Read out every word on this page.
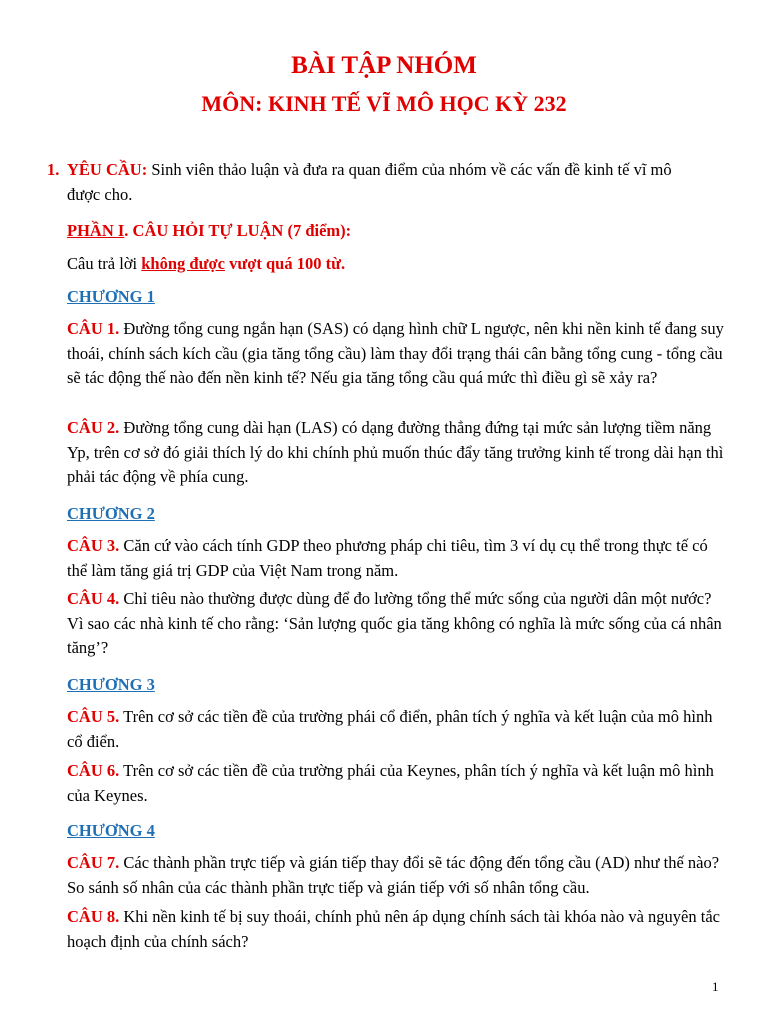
BÀI TẬP NHÓM
MÔN: KINH TẾ VĨ MÔ HỌC KỲ 232
1. YÊU CẦU: Sinh viên thảo luận và đưa ra quan điểm của nhóm về các vấn đề kinh tế vĩ mô
được cho.
PHẦN I. CÂU HỎI TỰ LUẬN (7 điểm):
Câu trả lời không được vượt quá 100 từ.
CHƯƠNG 1
CÂU 1. Đường tổng cung ngắn hạn (SAS) có dạng hình chữ L ngược, nên khi nền kinh tế đang suy thoái, chính sách kích cầu (gia tăng tổng cầu) làm thay đổi trạng thái cân bằng tổng cung - tổng cầu sẽ tác động thế nào đến nền kinh tế? Nếu gia tăng tổng cầu quá mức thì điều gì sẽ xảy ra?
CÂU 2. Đường tổng cung dài hạn (LAS) có dạng đường thẳng đứng tại mức sản lượng tiềm năng Yp, trên cơ sở đó giải thích lý do khi chính phủ muốn thúc đẩy tăng trưởng kinh tế trong dài hạn thì phải tác động về phía cung.
CHƯƠNG 2
CÂU 3. Căn cứ vào cách tính GDP theo phương pháp chi tiêu, tìm 3 ví dụ cụ thể trong thực tế có thể làm tăng giá trị GDP của Việt Nam trong năm.
CÂU 4. Chỉ tiêu nào thường được dùng để đo lường tổng thể mức sống của người dân một nước? Vì sao các nhà kinh tế cho rằng: ‘Sản lượng quốc gia tăng không có nghĩa là mức sống của cá nhân tăng’?
CHƯƠNG 3
CÂU 5. Trên cơ sở các tiền đề của trường phái cổ điển, phân tích ý nghĩa và kết luận của mô hình cổ điển.
CÂU 6. Trên cơ sở các tiền đề của trường phái của Keynes, phân tích ý nghĩa và kết luận mô hình của Keynes.
CHƯƠNG 4
CÂU 7. Các thành phần trực tiếp và gián tiếp thay đổi sẽ tác động đến tổng cầu (AD) như thế nào? So sánh số nhân của các thành phần trực tiếp và gián tiếp với số nhân tổng cầu.
CÂU 8. Khi nền kinh tế bị suy thoái, chính phủ nên áp dụng chính sách tài khóa nào và nguyên tắc hoạch định của chính sách?
1
